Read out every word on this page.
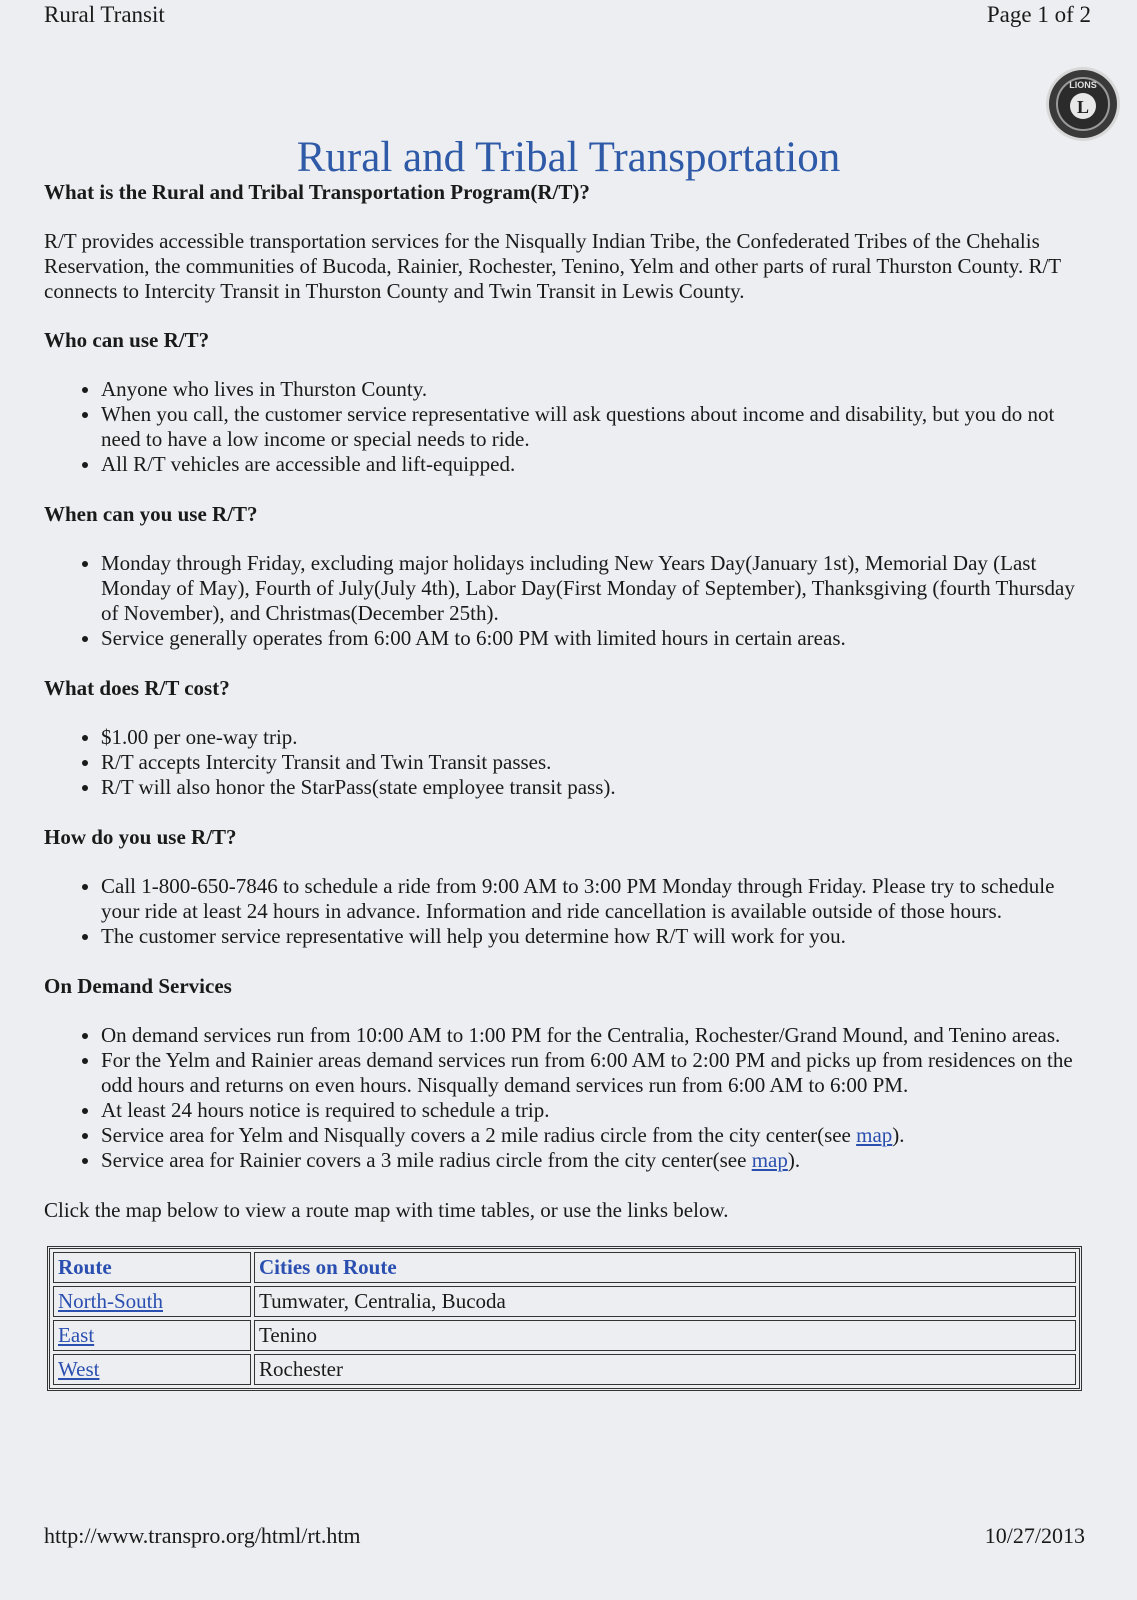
Rural Transit	Page 1 of 2
L
LIONS
Rural and Tribal Transportation
What is the Rural and Tribal Transportation Program(R/T)?

R/T provides accessible transportation services for the Nisqually Indian Tribe, the Confederated Tribes of the Chehalis Reservation, the communities of Bucoda, Rainier, Rochester, Tenino, Yelm and other parts of rural Thurston County. R/T connects to Intercity Transit in Thurston County and Twin Transit in Lewis County.

Who can use R/T?
• Anyone who lives in Thurston County.
• When you call, the customer service representative will ask questions about income and disability, but you do not need to have a low income or special needs to ride.
• All R/T vehicles are accessible and lift-equipped.
When can you use R/T?
• Monday through Friday, excluding major holidays including New Years Day(January 1st), Memorial Day (Last Monday of May), Fourth of July(July 4th), Labor Day(First Monday of September), Thanksgiving (fourth Thursday of November), and Christmas(December 25th).
• Service generally operates from 6:00 AM to 6:00 PM with limited hours in certain areas.
What does R/T cost?
• $1.00 per one-way trip.
• R/T accepts Intercity Transit and Twin Transit passes.
• R/T will also honor the StarPass(state employee transit pass).
How do you use R/T?
• Call 1-800-650-7846 to schedule a ride from 9:00 AM to 3:00 PM Monday through Friday. Please try to schedule your ride at least 24 hours in advance. Information and ride cancellation is available outside of those hours.
• The customer service representative will help you determine how R/T will work for you.
On Demand Services
• On demand services run from 10:00 AM to 1:00 PM for the Centralia, Rochester/Grand Mound, and Tenino areas.
• For the Yelm and Rainier areas demand services run from 6:00 AM to 2:00 PM and picks up from residences on the odd hours and returns on even hours. Nisqually demand services run from 6:00 AM to 6:00 PM.
• At least 24 hours notice is required to schedule a trip.
• Service area for Yelm and Nisqually covers a 2 mile radius circle from the city center(see map).
• Service area for Rainier covers a 3 mile radius circle from the city center(see map).

Click the map below to view a route map with time tables, or use the links below.

Route	Cities on Route
North-South	Tumwater, Centralia, Bucoda
East	Tenino
West	Rochester
http://www.transpro.org/html/rt.htm	10/27/2013
